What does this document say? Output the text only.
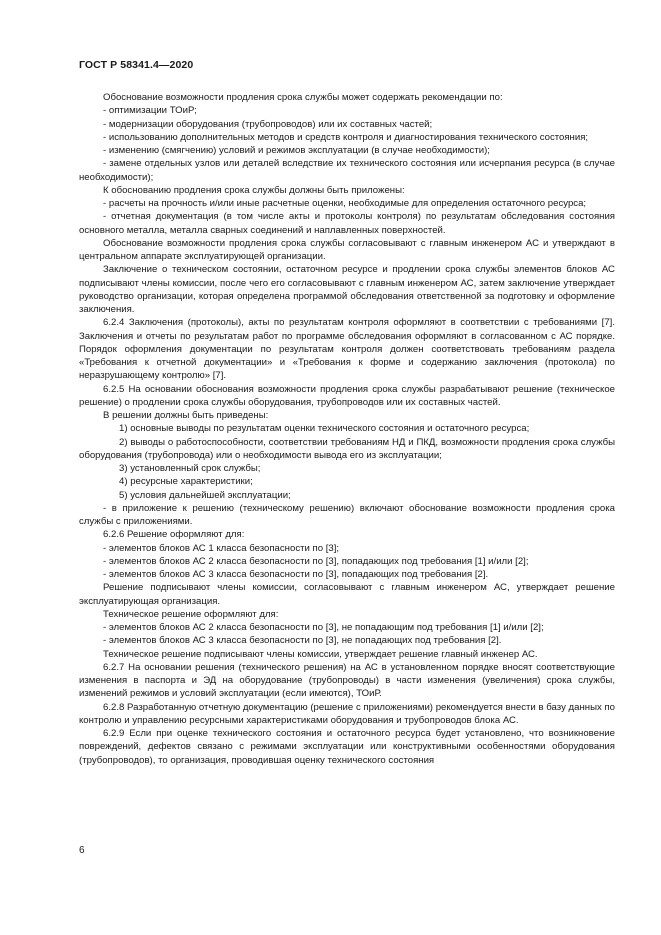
ГОСТ Р 58341.4—2020

Обоснование возможности продления срока службы может содержать рекомендации по:

- оптимизации ТОиР;

- модернизации оборудования (трубопроводов) или их составных частей;

- использованию дополнительных методов и средств контроля и диагностирования технического состояния;

- изменению (смягчению) условий и режимов эксплуатации (в случае необходимости);

- замене отдельных узлов или деталей вследствие их технического состояния или исчерпания ресурса (в случае необходимости);

К обоснованию продления срока службы должны быть приложены:

- расчеты на прочность и/или иные расчетные оценки, необходимые для определения остаточного ресурса;

- отчетная документация (в том числе акты и протоколы контроля) по результатам обследования состояния основного металла, металла сварных соединений и наплавленных поверхностей.

Обоснование возможности продления срока службы согласовывают с главным инженером АС и утверждают в центральном аппарате эксплуатирующей организации.

Заключение о техническом состоянии, остаточном ресурсе и продлении срока службы элементов блоков АС подписывают члены комиссии, после чего его согласовывают с главным инженером АС, затем заключение утверждает руководство организации, которая определена программой обследования ответственной за подготовку и оформление заключения.

6.2.4 Заключения (протоколы), акты по результатам контроля оформляют в соответствии с требованиями [7]. Заключения и отчеты по результатам работ по программе обследования оформляют в согласованном с АС порядке. Порядок оформления документации по результатам контроля должен соответствовать требованиям раздела «Требования к отчетной документации» и «Требования к форме и содержанию заключения (протокола) по неразрушающему контролю» [7].

6.2.5 На основании обоснования возможности продления срока службы разрабатывают решение (техническое решение) о продлении срока службы оборудования, трубопроводов или их составных частей.

В решении должны быть приведены:

1) основные выводы по результатам оценки технического состояния и остаточного ресурса;

2) выводы о работоспособности, соответствии требованиям НД и ПКД, возможности продления срока службы оборудования (трубопровода) или о необходимости вывода его из эксплуатации;

3) установленный срок службы;

4) ресурсные характеристики;

5) условия дальнейшей эксплуатации;

- в приложение к решению (техническому решению) включают обоснование возможности продления срока службы с приложениями.

6.2.6 Решение оформляют для:

- элементов блоков АС 1 класса безопасности по [3];

- элементов блоков АС 2 класса безопасности по [3], попадающих под требования [1] и/или [2];

- элементов блоков АС 3 класса безопасности по [3], попадающих под требования [2].

Решение подписывают члены комиссии, согласовывают с главным инженером АС, утверждает решение эксплуатирующая организация.

Техническое решение оформляют для:

- элементов блоков АС 2 класса безопасности по [3], не попадающим под требования [1] и/или [2];

- элементов блоков АС 3 класса безопасности по [3], не попадающих под требования [2].

Техническое решение подписывают члены комиссии, утверждает решение главный инженер АС.

6.2.7 На основании решения (технического решения) на АС в установленном порядке вносят соответствующие изменения в паспорта и ЭД на оборудование (трубопроводы) в части изменения (увеличения) срока службы, изменений режимов и условий эксплуатации (если имеются), ТОиР.

6.2.8 Разработанную отчетную документацию (решение с приложениями) рекомендуется внести в базу данных по контролю и управлению ресурсными характеристиками оборудования и трубопроводов блока АС.

6.2.9 Если при оценке технического состояния и остаточного ресурса будет установлено, что возникновение повреждений, дефектов связано с режимами эксплуатации или конструктивными особенностями оборудования (трубопроводов), то организация, проводившая оценку технического состояния

6
